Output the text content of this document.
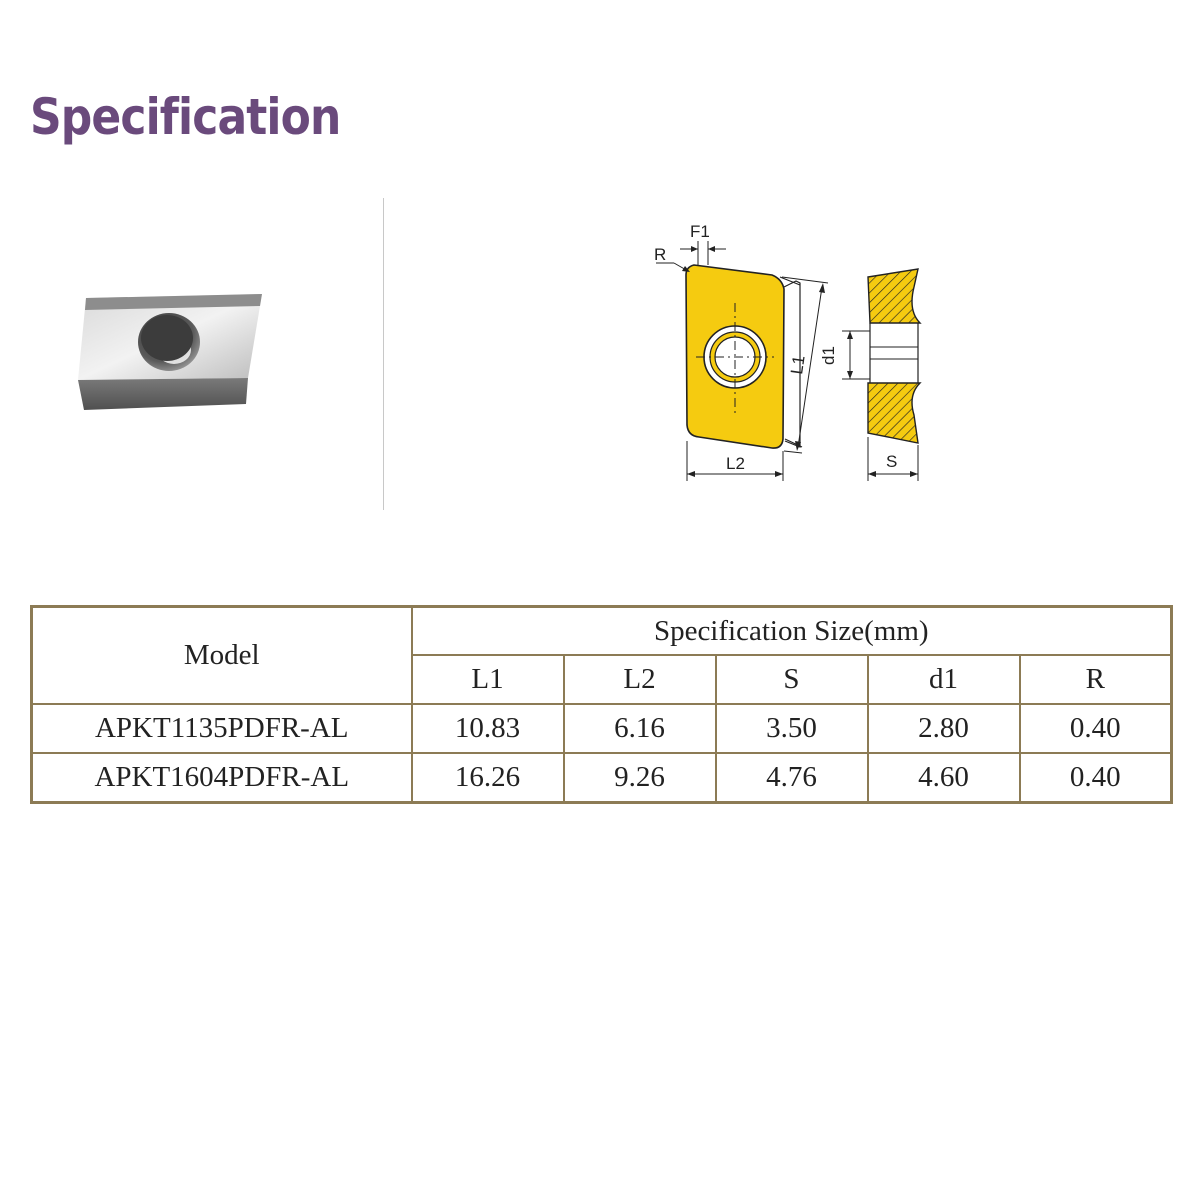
Specification
F1
R
L1
L2
d1
S
Model	Specification Size(mm)				
	L1	L2	S	d1	R
APKT1135PDFR-AL	10.83	6.16	3.50	2.80	0.40
APKT1604PDFR-AL	16.26	9.26	4.76	4.60	0.40
